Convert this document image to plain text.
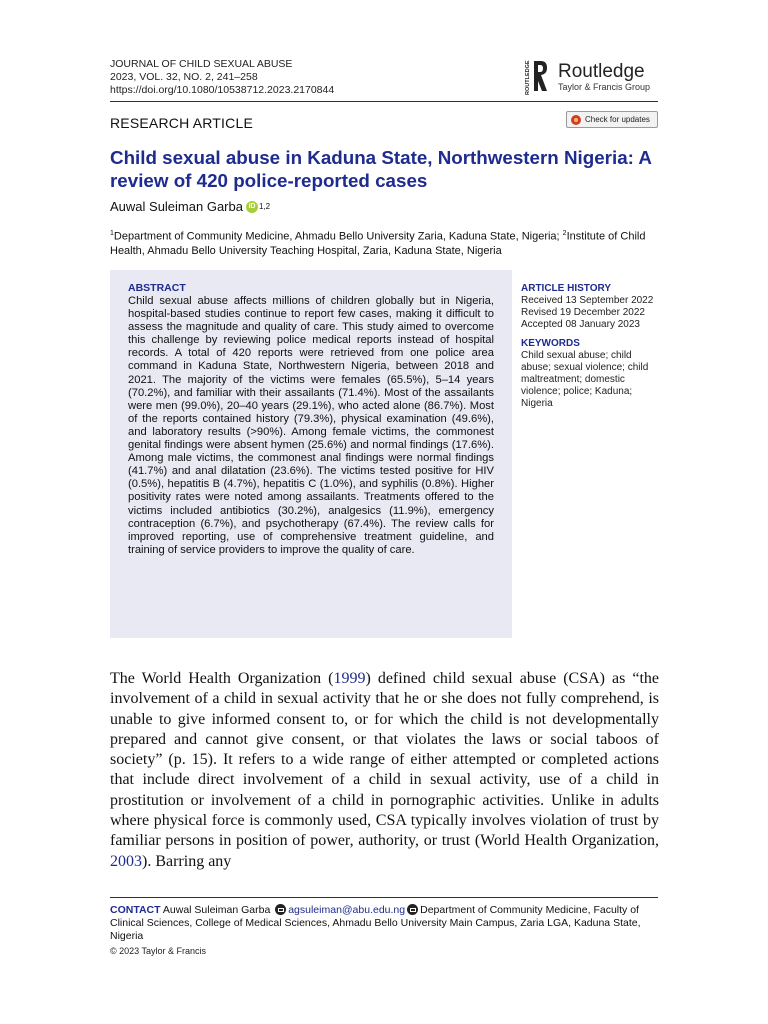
JOURNAL OF CHILD SEXUAL ABUSE
2023, VOL. 32, NO. 2, 241–258
https://doi.org/10.1080/10538712.2023.2170844	ROUTLEDGE Routledge
Taylor & Francis Group
RESEARCH ARTICLE	Check for updates
Child sexual abuse in Kaduna State, Northwestern Nigeria: A review of 420 police-reported cases
Auwal Suleiman Garba iD 1,2
$^1$Department of Community Medicine, Ahmadu Bello University Zaria, Kaduna State, Nigeria; $^2$Institute of Child Health, Ahmadu Bello University Teaching Hospital, Zaria, Kaduna State, Nigeria
ABSTRACT
Child sexual abuse affects millions of children globally but in Nigeria, hospital-based studies continue to report few cases, making it difficult to assess the magnitude and quality of care. This study aimed to overcome this challenge by reviewing police medical reports instead of hospital records. A total of 420 reports were retrieved from one police area command in Kaduna State, Northwestern Nigeria, between 2018 and 2021. The majority of the victims were females (65.5%), 5–14 years (70.2%), and familiar with their assailants (71.4%). Most of the assailants were men (99.0%), 20–40 years (29.1%), who acted alone (86.7%). Most of the reports contained history (79.3%), physical examination (49.6%), and laboratory results (>90%). Among female victims, the commonest genital findings were absent hymen (25.6%) and normal findings (17.6%). Among male victims, the commonest anal findings were normal findings (41.7%) and anal dilatation (23.6%). The victims tested positive for HIV (0.5%), hepatitis B (4.7%), hepatitis C (1.0%), and syphilis (0.8%). Higher positivity rates were noted among assailants. Treatments offered to the victims included antibiotics (30.2%), analgesics (11.9%), emergency contraception (6.7%), and psychotherapy (67.4%). The review calls for improved reporting, use of comprehensive treatment guideline, and training of service providers to improve the quality of care.
ARTICLE HISTORY
Received 13 September 2022
Revised 19 December 2022
Accepted 08 January 2023
KEYWORDS
Child sexual abuse; child abuse; sexual violence; child maltreatment; domestic violence; police; Kaduna; Nigeria
The World Health Organization (1999) defined child sexual abuse (CSA) as “the involvement of a child in sexual activity that he or she does not fully comprehend, is unable to give informed consent to, or for which the child is not developmentally prepared and cannot give consent, or that violates the laws or social taboos of society” (p. 15). It refers to a wide range of either attempted or completed actions that include direct involvement of a child in sexual activity, use of a child in prostitution or involvement of a child in pornographic activities. Unlike in adults where physical force is commonly used, CSA typically involves violation of trust by familiar persons in position of power, authority, or trust (World Health Organization, 2003). Barring any
CONTACT Auwal Suleiman Garba agsuleiman@abu.edu.ng Department of Community Medicine, Faculty of Clinical Sciences, College of Medical Sciences, Ahmadu Bello University Main Campus, Zaria LGA, Kaduna State, Nigeria
© 2023 Taylor & Francis
